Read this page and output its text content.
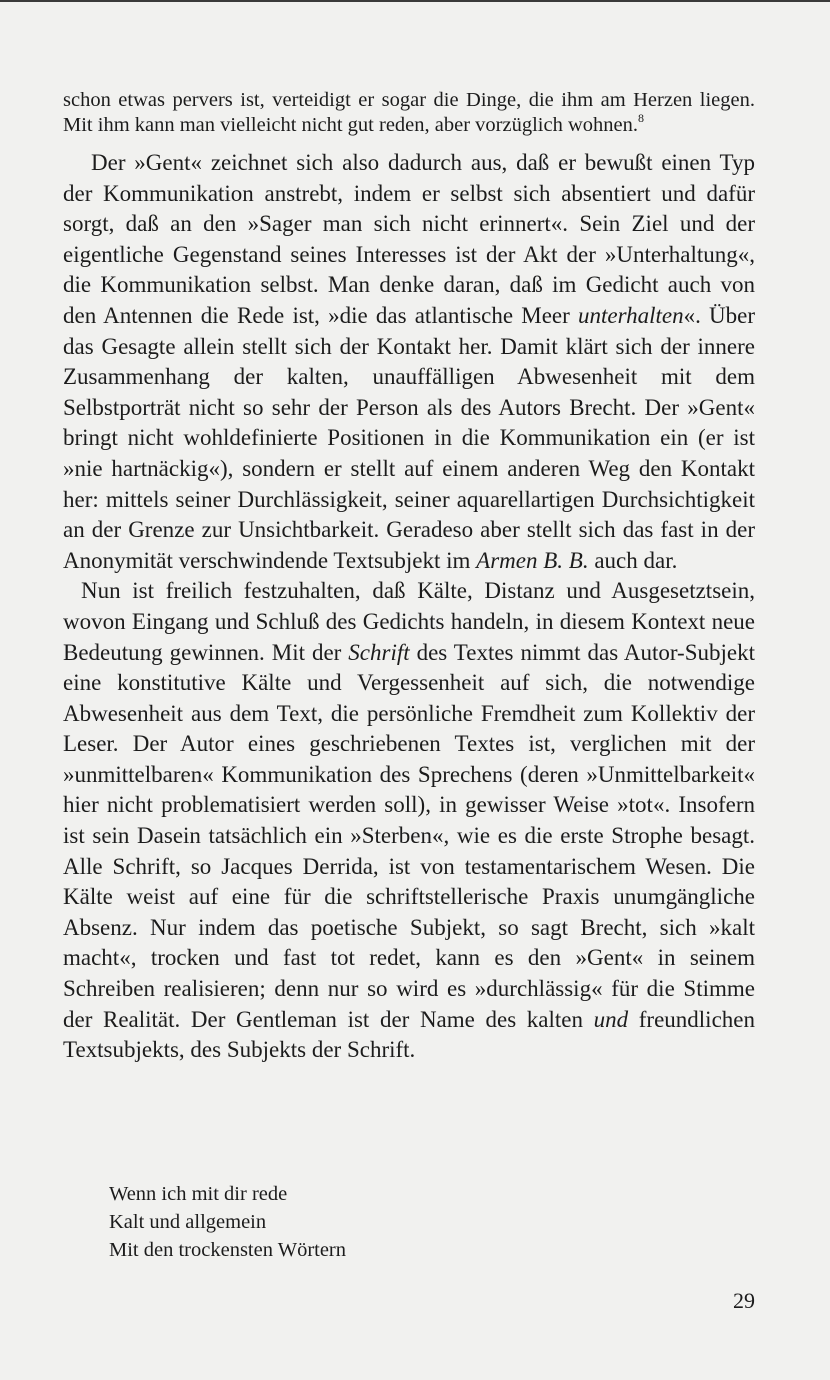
schon etwas pervers ist, verteidigt er sogar die Dinge, die ihm am Herzen liegen. Mit ihm kann man vielleicht nicht gut reden, aber vorzüglich wohnen.$^8$

Der »Gent« zeichnet sich also dadurch aus, daß er bewußt einen Typ der Kommunikation anstrebt, indem er selbst sich absentiert und dafür sorgt, daß an den »Sager man sich nicht erinnert«. Sein Ziel und der eigentliche Gegenstand seines Interesses ist der Akt der »Unterhaltung«, die Kommunikation selbst. Man denke daran, daß im Gedicht auch von den Antennen die Rede ist, »die das atlantische Meer unterhalten«. Über das Gesagte allein stellt sich der Kontakt her. Damit klärt sich der innere Zusammenhang der kalten, unauffälligen Abwesenheit mit dem Selbstporträt nicht so sehr der Person als des Autors Brecht. Der »Gent« bringt nicht wohldefinierte Positionen in die Kommunikation ein (er ist »nie hartnäckig«), sondern er stellt auf einem anderen Weg den Kontakt her: mittels seiner Durchlässigkeit, seiner aquarellartigen Durchsichtigkeit an der Grenze zur Unsichtbarkeit. Geradeso aber stellt sich das fast in der Anonymität verschwindende Textsubjekt im Armen B. B. auch dar.

Nun ist freilich festzuhalten, daß Kälte, Distanz und Ausgesetztsein, wovon Eingang und Schluß des Gedichts handeln, in diesem Kontext neue Bedeutung gewinnen. Mit der Schrift des Textes nimmt das Autor-Subjekt eine konstitutive Kälte und Vergessenheit auf sich, die notwendige Abwesenheit aus dem Text, die persönliche Fremdheit zum Kollektiv der Leser. Der Autor eines geschriebenen Textes ist, verglichen mit der »unmittelbaren« Kommunikation des Sprechens (deren »Unmittelbarkeit« hier nicht problematisiert werden soll), in gewisser Weise »tot«. Insofern ist sein Dasein tatsächlich ein »Sterben«, wie es die erste Strophe besagt. Alle Schrift, so Jacques Derrida, ist von testamentarischem Wesen. Die Kälte weist auf eine für die schriftstellerische Praxis unumgängliche Absenz. Nur indem das poetische Subjekt, so sagt Brecht, sich »kalt macht«, trocken und fast tot redet, kann es den »Gent« in seinem Schreiben realisieren; denn nur so wird es »durchlässig« für die Stimme der Realität. Der Gentleman ist der Name des kalten und freundlichen Textsubjekts, des Subjekts der Schrift.

Wenn ich mit dir rede
Kalt und allgemein
Mit den trockensten Wörtern
29
